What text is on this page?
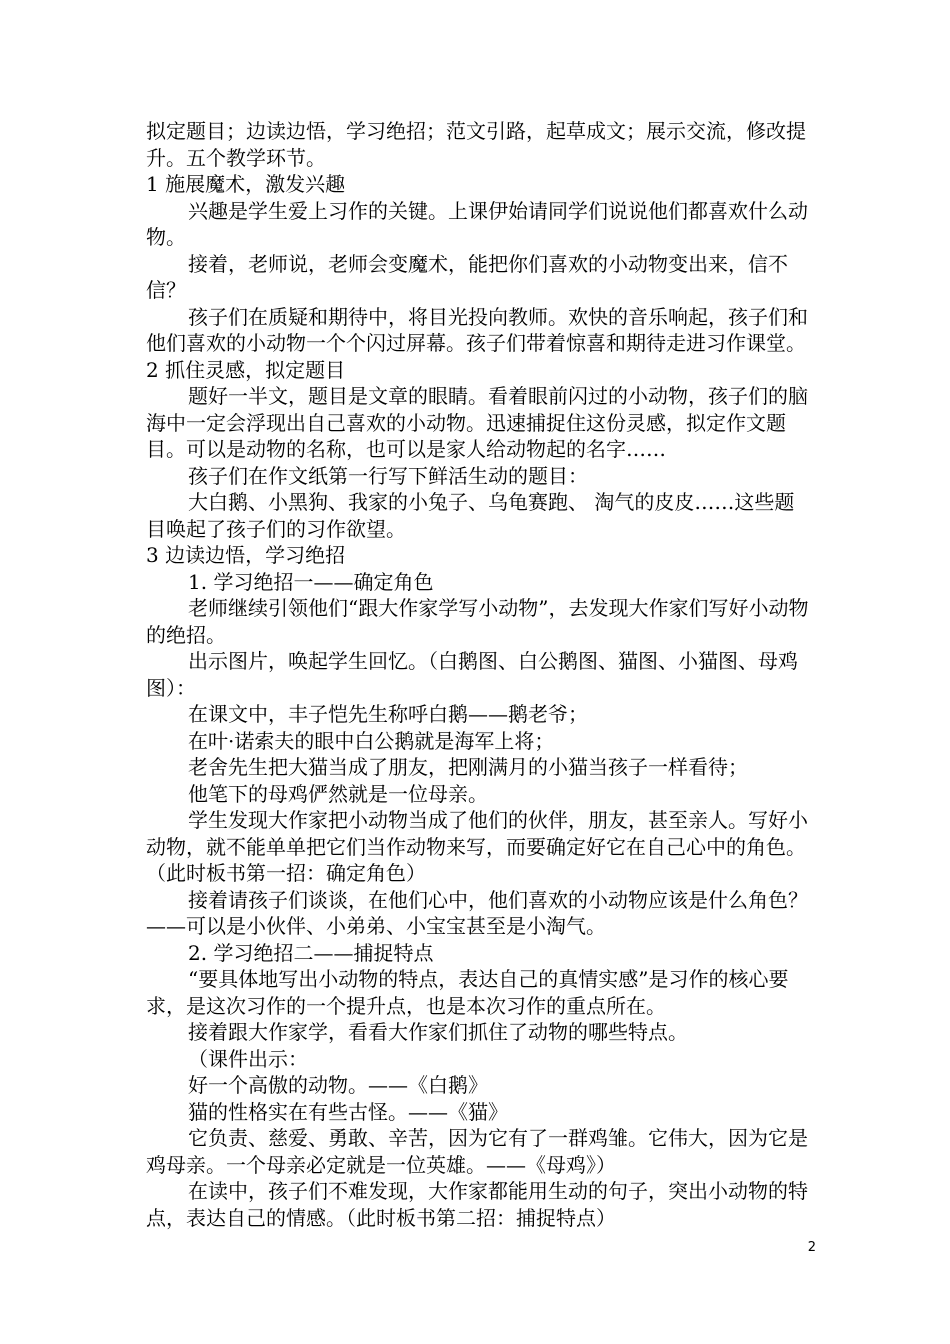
拟定题目；边读边悟，学习绝招；范文引路，起草成文；展示交流，修改提升。五个教学环节。

1 施展魔术，激发兴趣

兴趣是学生爱上习作的关键。上课伊始请同学们说说他们都喜欢什么动物。

接着，老师说，老师会变魔术，能把你们喜欢的小动物变出来，信不信？

孩子们在质疑和期待中，将目光投向教师。欢快的音乐响起，孩子们和他们喜欢的小动物一个个闪过屏幕。孩子们带着惊喜和期待走进习作课堂。

2 抓住灵感，拟定题目

题好一半文，题目是文章的眼睛。看着眼前闪过的小动物，孩子们的脑海中一定会浮现出自己喜欢的小动物。迅速捕捉住这份灵感，拟定作文题目。可以是动物的名称，也可以是家人给动物起的名字……

孩子们在作文纸第一行写下鲜活生动的题目：

大白鹅、小黑狗、我家的小兔子、乌龟赛跑、 淘气的皮皮……这些题目唤起了孩子们的习作欲望。

3 边读边悟，学习绝招

1. 学习绝招一——确定角色

老师继续引领他们“跟大作家学写小动物”，去发现大作家们写好小动物的绝招。

出示图片，唤起学生回忆。（白鹅图、白公鹅图、猫图、小猫图、母鸡图）：

在课文中，丰子恺先生称呼白鹅——鹅老爷；

在叶·诺索夫的眼中白公鹅就是海军上将；

老舍先生把大猫当成了朋友，把刚满月的小猫当孩子一样看待；

他笔下的母鸡俨然就是一位母亲。

学生发现大作家把小动物当成了他们的伙伴，朋友，甚至亲人。写好小动物，就不能单单把它们当作动物来写，而要确定好它在自己心中的角色。（此时板书第一招：确定角色）

接着请孩子们谈谈，在他们心中，他们喜欢的小动物应该是什么角色？——可以是小伙伴、小弟弟、小宝宝甚至是小淘气。

2. 学习绝招二——捕捉特点

“要具体地写出小动物的特点，表达自己的真情实感”是习作的核心要求，是这次习作的一个提升点，也是本次习作的重点所在。

接着跟大作家学，看看大作家们抓住了动物的哪些特点。

（课件出示：

好一个高傲的动物。——《白鹅》

猫的性格实在有些古怪。——《猫》

它负责、慈爱、勇敢、辛苦，因为它有了一群鸡雏。它伟大，因为它是鸡母亲。一个母亲必定就是一位英雄。——《母鸡》）

在读中，孩子们不难发现，大作家都能用生动的句子，突出小动物的特点，表达自己的情感。（此时板书第二招：捕捉特点）

2
